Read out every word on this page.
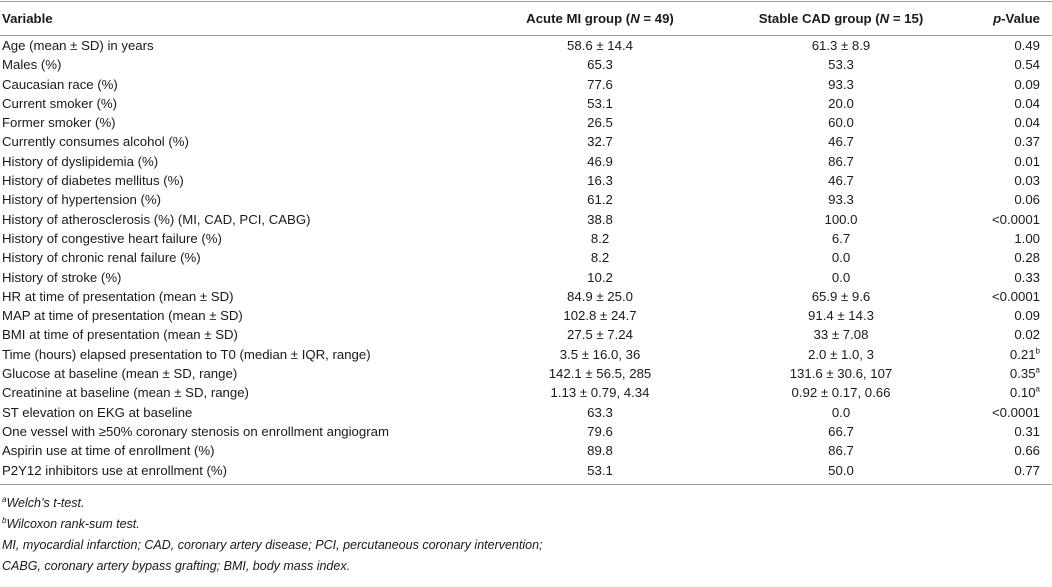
Variable	Acute MI group (N = 49)	Stable CAD group (N = 15)	p-Value
Age (mean ± SD) in years	58.6 ± 14.4	61.3 ± 8.9	0.49
Males (%)	65.3	53.3	0.54
Caucasian race (%)	77.6	93.3	0.09
Current smoker (%)	53.1	20.0	0.04
Former smoker (%)	26.5	60.0	0.04
Currently consumes alcohol (%)	32.7	46.7	0.37
History of dyslipidemia (%)	46.9	86.7	0.01
History of diabetes mellitus (%)	16.3	46.7	0.03
History of hypertension (%)	61.2	93.3	0.06
History of atherosclerosis (%) (MI, CAD, PCI, CABG)	38.8	100.0	<0.0001
History of congestive heart failure (%)	8.2	6.7	1.00
History of chronic renal failure (%)	8.2	0.0	0.28
History of stroke (%)	10.2	0.0	0.33
HR at time of presentation (mean ± SD)	84.9 ± 25.0	65.9 ± 9.6	<0.0001
MAP at time of presentation (mean ± SD)	102.8 ± 24.7	91.4 ± 14.3	0.09
BMI at time of presentation (mean ± SD)	27.5 ± 7.24	33 ± 7.08	0.02
Time (hours) elapsed presentation to T0 (median ± IQR, range)	3.5 ± 16.0, 36	2.0 ± 1.0, 3	0.21$^b$
Glucose at baseline (mean ± SD, range)	142.1 ± 56.5, 285	131.6 ± 30.6, 107	0.35$^a$
Creatinine at baseline (mean ± SD, range)	1.13 ± 0.79, 4.34	0.92 ± 0.17, 0.66	0.10$^a$
ST elevation on EKG at baseline	63.3	0.0	<0.0001
One vessel with ≥50% coronary stenosis on enrollment angiogram	79.6	66.7	0.31
Aspirin use at time of enrollment (%)	89.8	86.7	0.66
P2Y12 inhibitors use at enrollment (%)	53.1	50.0	0.77
$^a$Welch’s t-test.
$^b$Wilcoxon rank-sum test.
MI, myocardial infarction; CAD, coronary artery disease; PCI, percutaneous coronary intervention;
CABG, coronary artery bypass grafting; BMI, body mass index.
